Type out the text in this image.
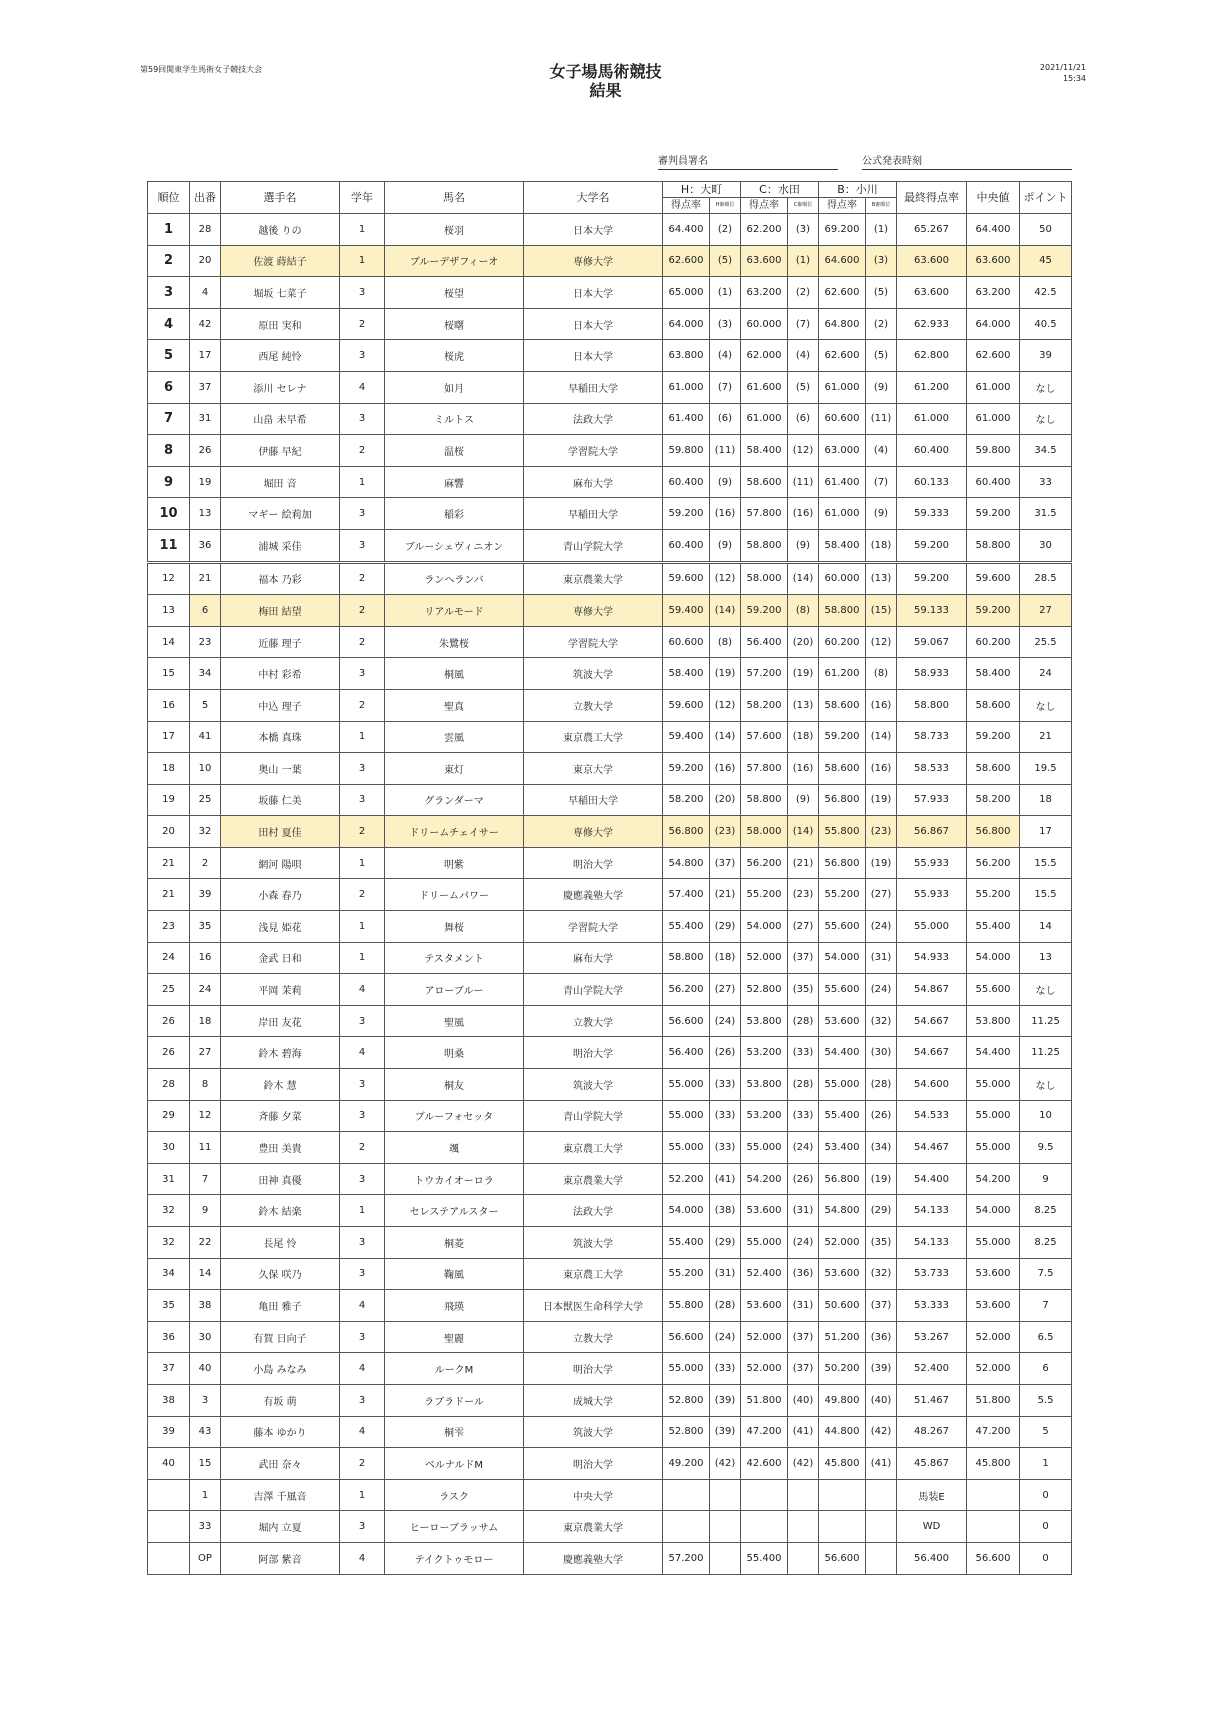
第59回関東学生馬術女子競技大会	女子場馬術競技
結果
2021/11/21
15:34
審判員署名	公式発表時刻
順位	出番	選手名	学年	馬名	大学名	H：大町		C：水田		B：小川		最終得点率	中央値	ポイント
						得点率	H審順位	得点率	C審順位	得点率	B審順位			
1	28	越後 りの	1	桜羽	日本大学	64.400	(2)	62.200	(3)	69.200	(1)	65.267	64.400	50
2	20	佐渡 蒔結子	1	ブルーデザフィーオ	専修大学	62.600	(5)	63.600	(1)	64.600	(3)	63.600	63.600	45
3	4	堀坂 七菜子	3	桜望	日本大学	65.000	(1)	63.200	(2)	62.600	(5)	63.600	63.200	42.5
4	42	原田 実和	2	桜曙	日本大学	64.000	(3)	60.000	(7)	64.800	(2)	62.933	64.000	40.5
5	17	西尾 純怜	3	桜虎	日本大学	63.800	(4)	62.000	(4)	62.600	(5)	62.800	62.600	39
6	37	添川 セレナ	4	如月	早稲田大学	61.000	(7)	61.600	(5)	61.000	(9)	61.200	61.000	なし
7	31	山畠 未早希	3	ミルトス	法政大学	61.400	(6)	61.000	(6)	60.600	(11)	61.000	61.000	なし
8	26	伊藤 早紀	2	温桜	学習院大学	59.800	(11)	58.400	(12)	63.000	(4)	60.400	59.800	34.5
9	19	堀田 音	1	麻響	麻布大学	60.400	(9)	58.600	(11)	61.400	(7)	60.133	60.400	33
10	13	マギー 絵莉加	3	稲彩	早稲田大学	59.200	(16)	57.800	(16)	61.000	(9)	59.333	59.200	31.5
11	36	浦城 采佳	3	ブルーシェヴィニオン	青山学院大学	60.400	(9)	58.800	(9)	58.400	(18)	59.200	58.800	30
12	21	福本 乃彩	2	ランヘランバ	東京農業大学	59.600	(12)	58.000	(14)	60.000	(13)	59.200	59.600	28.5
13	6	梅田 結望	2	リアルモード	専修大学	59.400	(14)	59.200	(8)	58.800	(15)	59.133	59.200	27
14	23	近藤 理子	2	朱鷺桜	学習院大学	60.600	(8)	56.400	(20)	60.200	(12)	59.067	60.200	25.5
15	34	中村 彩希	3	桐風	筑波大学	58.400	(19)	57.200	(19)	61.200	(8)	58.933	58.400	24
16	5	中込 理子	2	聖真	立教大学	59.600	(12)	58.200	(13)	58.600	(16)	58.800	58.600	なし
17	41	本橋 真珠	1	雲風	東京農工大学	59.400	(14)	57.600	(18)	59.200	(14)	58.733	59.200	21
18	10	奥山 一葉	3	東灯	東京大学	59.200	(16)	57.800	(16)	58.600	(16)	58.533	58.600	19.5
19	25	坂藤 仁美	3	グランダーマ	早稲田大学	58.200	(20)	58.800	(9)	56.800	(19)	57.933	58.200	18
20	32	田村 夏佳	2	ドリームチェイサー	専修大学	56.800	(23)	58.000	(14)	55.800	(23)	56.867	56.800	17
21	2	網河 陽唄	1	明紫	明治大学	54.800	(37)	56.200	(21)	56.800	(19)	55.933	56.200	15.5
21	39	小森 春乃	2	ドリームパワー	慶應義塾大学	57.400	(21)	55.200	(23)	55.200	(27)	55.933	55.200	15.5
23	35	浅見 姫花	1	舞桜	学習院大学	55.400	(29)	54.000	(27)	55.600	(24)	55.000	55.400	14
24	16	金武 日和	1	テスタメント	麻布大学	58.800	(18)	52.000	(37)	54.000	(31)	54.933	54.000	13
25	24	平岡 茉莉	4	アローブルー	青山学院大学	56.200	(27)	52.800	(35)	55.600	(24)	54.867	55.600	なし
26	18	岸田 友花	3	聖風	立教大学	56.600	(24)	53.800	(28)	53.600	(32)	54.667	53.800	11.25
26	27	鈴木 碧海	4	明桑	明治大学	56.400	(26)	53.200	(33)	54.400	(30)	54.667	54.400	11.25
28	8	鈴木 慧	3	桐友	筑波大学	55.000	(33)	53.800	(28)	55.000	(28)	54.600	55.000	なし
29	12	斉藤 夕菜	3	ブルーフォセッタ	青山学院大学	55.000	(33)	53.200	(33)	55.400	(26)	54.533	55.000	10
30	11	豊田 美貴	2	颯	東京農工大学	55.000	(33)	55.000	(24)	53.400	(34)	54.467	55.000	9.5
31	7	田神 真優	3	トウカイオーロラ	東京農業大学	52.200	(41)	54.200	(26)	56.800	(19)	54.400	54.200	9
32	9	鈴木 結楽	1	セレステアルスター	法政大学	54.000	(38)	53.600	(31)	54.800	(29)	54.133	54.000	8.25
32	22	長尾 怜	3	桐菱	筑波大学	55.400	(29)	55.000	(24)	52.000	(35)	54.133	55.000	8.25
34	14	久保 咲乃	3	鞠風	東京農工大学	55.200	(31)	52.400	(36)	53.600	(32)	53.733	53.600	7.5
35	38	亀田 雅子	4	飛瑛	日本獣医生命科学大学	55.800	(28)	53.600	(31)	50.600	(37)	53.333	53.600	7
36	30	有賀 日向子	3	聖麗	立教大学	56.600	(24)	52.000	(37)	51.200	(36)	53.267	52.000	6.5
37	40	小島 みなみ	4	ルークM	明治大学	55.000	(33)	52.000	(37)	50.200	(39)	52.400	52.000	6
38	3	有坂 萌	3	ラブラドール	成城大学	52.800	(39)	51.800	(40)	49.800	(40)	51.467	51.800	5.5
39	43	藤本 ゆかり	4	桐雫	筑波大学	52.800	(39)	47.200	(41)	44.800	(42)	48.267	47.200	5
40	15	武田 奈々	2	ベルナルドM	明治大学	49.200	(42)	42.600	(42)	45.800	(41)	45.867	45.800	1
	1	吉澤 千風音	1	ラスク	中央大学							馬装E		0
	33	堀内 立夏	3	ヒーローブラッサム	東京農業大学							WD		0
	OP	阿部 紫音	4	テイクトゥモロー	慶應義塾大学	57.200		55.400		56.600		56.400	56.600	0
